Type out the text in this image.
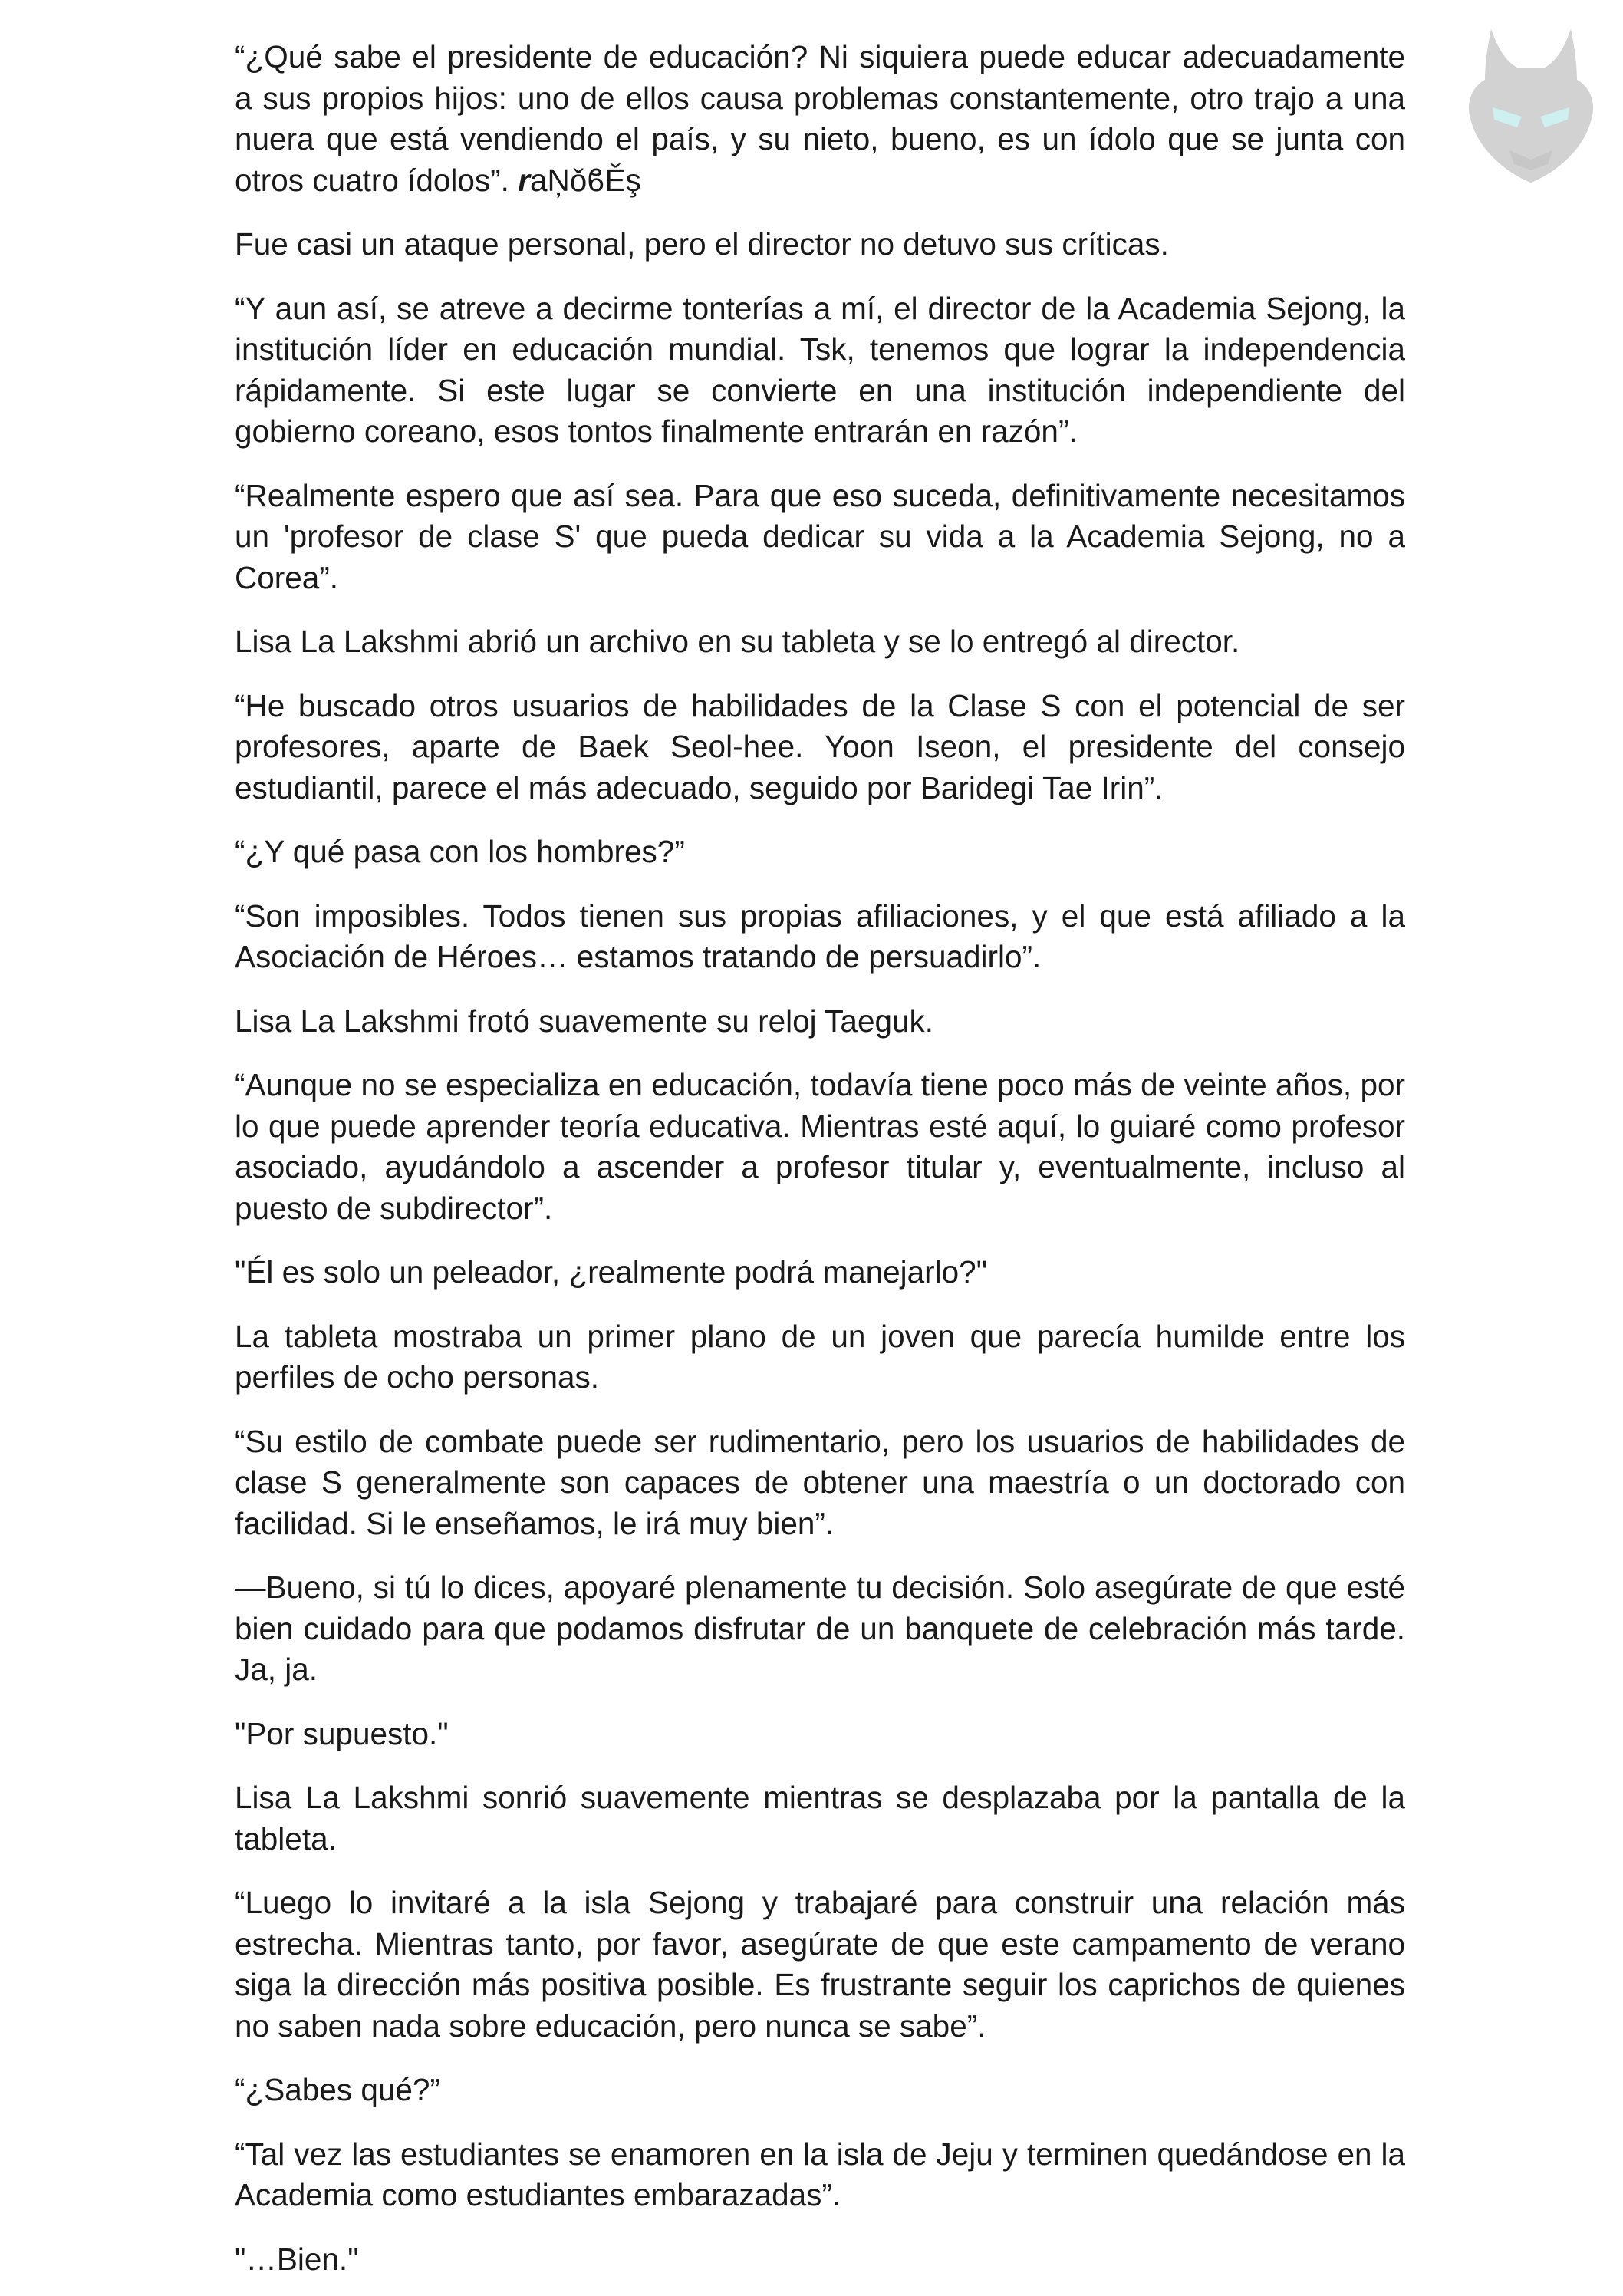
“¿Qué sabe el presidente de educación? Ni siquiera puede educar adecuadamente a sus propios hijos: uno de ellos causa problemas constantemente, otro trajo a una nuera que está vendiendo el país, y su nieto, bueno, es un ídolo que se junta con otros cuatro ídolos”. raŅǒϐĚş

Fue casi un ataque personal, pero el director no detuvo sus críticas.

“Y aun así, se atreve a decirme tonterías a mí, el director de la Academia Sejong, la institución líder en educación mundial. Tsk, tenemos que lograr la independencia rápidamente. Si este lugar se convierte en una institución independiente del gobierno coreano, esos tontos finalmente entrarán en razón”.

“Realmente espero que así sea. Para que eso suceda, definitivamente necesitamos un 'profesor de clase S' que pueda dedicar su vida a la Academia Sejong, no a Corea”.

Lisa La Lakshmi abrió un archivo en su tableta y se lo entregó al director.

“He buscado otros usuarios de habilidades de la Clase S con el potencial de ser profesores, aparte de Baek Seol-hee. Yoon Iseon, el presidente del consejo estudiantil, parece el más adecuado, seguido por Baridegi Tae Irin”.

“¿Y qué pasa con los hombres?”

“Son imposibles. Todos tienen sus propias afiliaciones, y el que está afiliado a la Asociación de Héroes… estamos tratando de persuadirlo”.

Lisa La Lakshmi frotó suavemente su reloj Taeguk.

“Aunque no se especializa en educación, todavía tiene poco más de veinte años, por lo que puede aprender teoría educativa. Mientras esté aquí, lo guiaré como profesor asociado, ayudándolo a ascender a profesor titular y, eventualmente, incluso al puesto de subdirector”.

"Él es solo un peleador, ¿realmente podrá manejarlo?"

La tableta mostraba un primer plano de un joven que parecía humilde entre los perfiles de ocho personas.

“Su estilo de combate puede ser rudimentario, pero los usuarios de habilidades de clase S generalmente son capaces de obtener una maestría o un doctorado con facilidad. Si le enseñamos, le irá muy bien”.

—Bueno, si tú lo dices, apoyaré plenamente tu decisión. Solo asegúrate de que esté bien cuidado para que podamos disfrutar de un banquete de celebración más tarde. Ja, ja.

"Por supuesto."

Lisa La Lakshmi sonrió suavemente mientras se desplazaba por la pantalla de la tableta.

“Luego lo invitaré a la isla Sejong y trabajaré para construir una relación más estrecha. Mientras tanto, por favor, asegúrate de que este campamento de verano siga la dirección más positiva posible. Es frustrante seguir los caprichos de quienes no saben nada sobre educación, pero nunca se sabe”.

“¿Sabes qué?”

“Tal vez las estudiantes se enamoren en la isla de Jeju y terminen quedándose en la Academia como estudiantes embarazadas”.

"…Bien."
